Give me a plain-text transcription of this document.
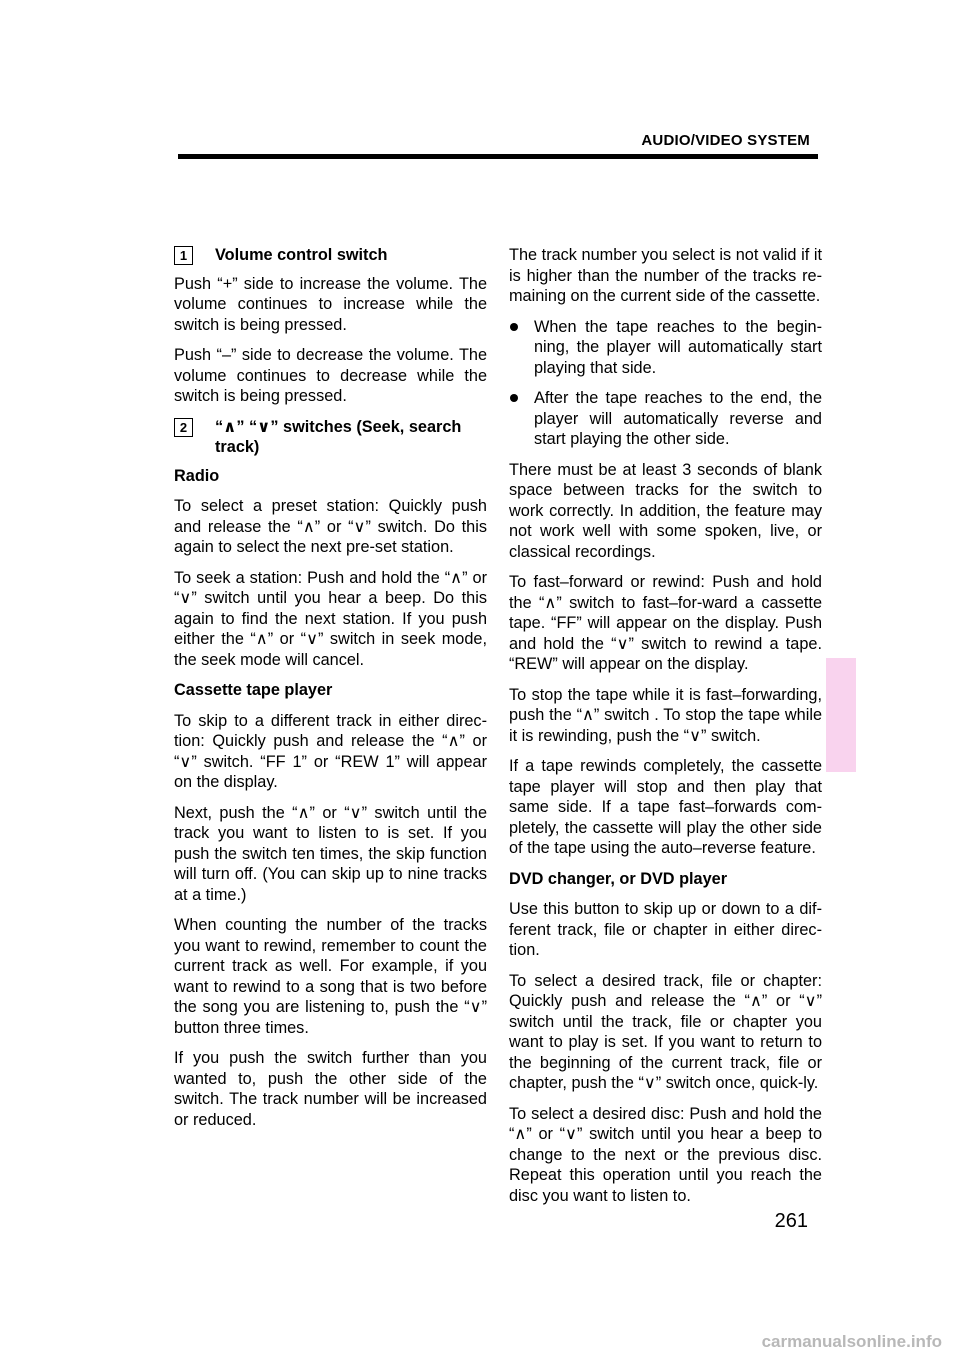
AUDIO/VIDEO SYSTEM
1	Volume control switch

Push “+” side to increase the volume. The volume continues to increase while the switch is being pressed.

Push “–” side to decrease the volume. The volume continues to decrease while the switch is being pressed.

2	“∧” “∨” switches (Seek, search track)

Radio

To select a preset station: Quickly push and release the “∧” or “∨” switch. Do this again to select the next pre-set station.

To seek a station: Push and hold the “∧” or “∨” switch until you hear a beep. Do this again to find the next station. If you push either the “∧” or “∨” switch in seek mode, the seek mode will cancel.

Cassette tape player

To skip to a different track in either direc-tion: Quickly push and release the “∧” or “∨” switch. “FF 1” or “REW 1” will appear on the display.

Next, push the “∧” or “∨” switch until the track you want to listen to is set. If you push the switch ten times, the skip function will turn off. (You can skip up to nine tracks at a time.)

When counting the number of the tracks you want to rewind, remember to count the current track as well. For example, if you want to rewind to a song that is two before the song you are listening to, push the “∨” button three times.

If you push the switch further than you wanted to, push the other side of the switch. The track number will be increased or reduced.

The track number you select is not valid if it is higher than the number of the tracks re-maining on the current side of the cassette.

When the tape reaches to the begin-ning, the player will automatically start playing that side.
After the tape reaches to the end, the player will automatically reverse and start playing the other side.

There must be at least 3 seconds of blank space between tracks for the switch to work correctly. In addition, the feature may not work well with some spoken, live, or classical recordings.

To fast–forward or rewind: Push and hold the “∧” switch to fast–for-ward a cassette tape. “FF” will appear on the display. Push and hold the “∨” switch to rewind a tape. “REW” will appear on the display.

To stop the tape while it is fast–forwarding, push the “∧” switch . To stop the tape while it is rewinding, push the “∨” switch.

If a tape rewinds completely, the cassette tape player will stop and then play that same side. If a tape fast–forwards com-pletely, the cassette will play the other side of the tape using the auto–reverse feature.

DVD changer, or DVD player

Use this button to skip up or down to a dif-ferent track, file or chapter in either direc-tion.

To select a desired track, file or chapter: Quickly push and release the “∧” or “∨” switch until the track, file or chapter you want to play is set. If you want to return to the beginning of the current track, file or chapter, push the “∨” switch once, quick-ly.

To select a desired disc: Push and hold the “∧” or “∨” switch until you hear a beep to change to the next or the previous disc. Repeat this operation until you reach the disc you want to listen to.

261
carmanualsonline.info
